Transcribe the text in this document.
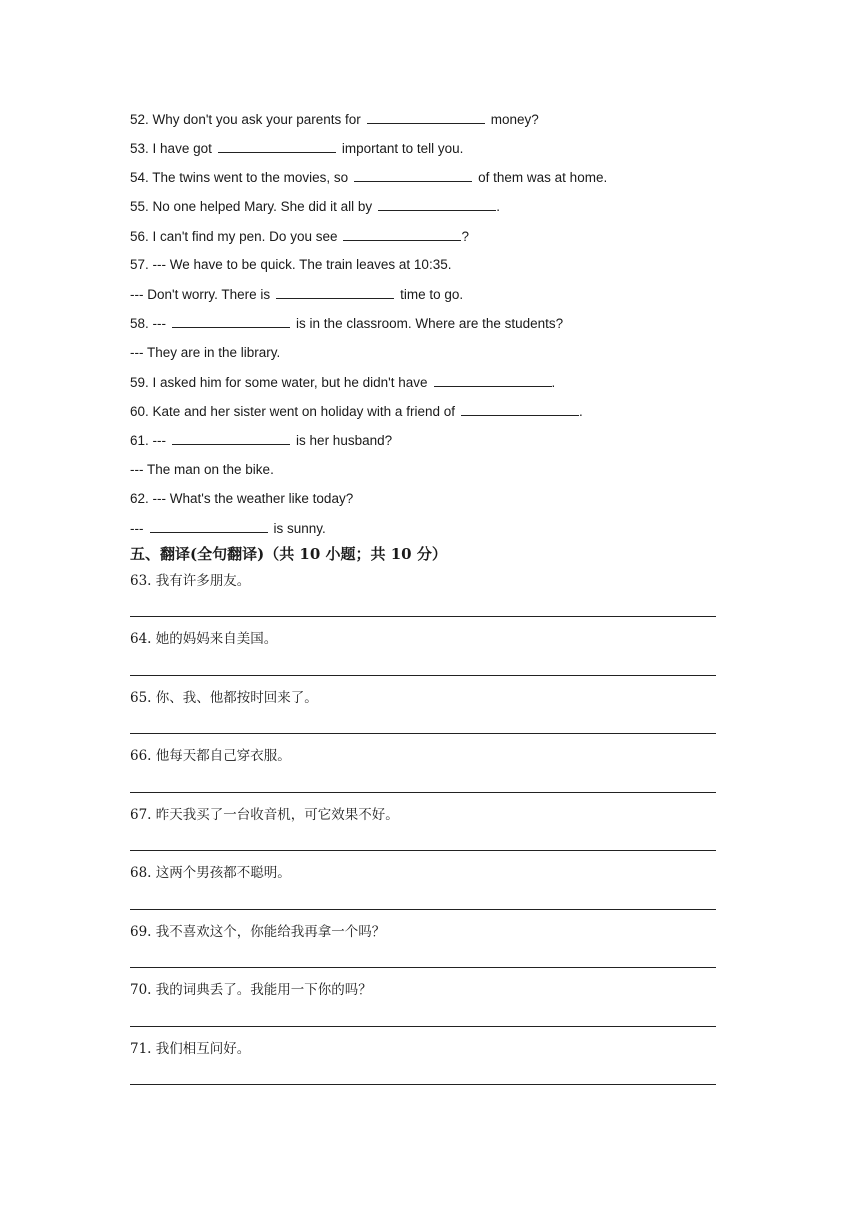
52. Why don't you ask your parents for	money?
53. I have got	important to tell you.
54. The twins went to the movies, so	of them was at home.
55. No one helped Mary. She did it all by	.
56. I can't find my pen. Do you see	?
57. --- We have to be quick. The train leaves at 10:35.
--- Don't worry. There is	time to go.
58. ---	is in the classroom. Where are the students?
--- They are in the library.
59. I asked him for some water, but he didn't have	.
60. Kate and her sister went on holiday with a friend of	.
61. ---	is her husband?
--- The man on the bike.
62. --- What's the weather like today?
---	is sunny.
五、翻译(全句翻译)（共 10 小题；共 10 分）
63. 我有许多朋友。
64. 她的妈妈来自美国。
65. 你、我、他都按时回来了。
66. 他每天都自己穿衣服。
67. 昨天我买了一台收音机，可它效果不好。
68. 这两个男孩都不聪明。
69. 我不喜欢这个，你能给我再拿一个吗？
70. 我的词典丢了。我能用一下你的吗？
71. 我们相互问好。
